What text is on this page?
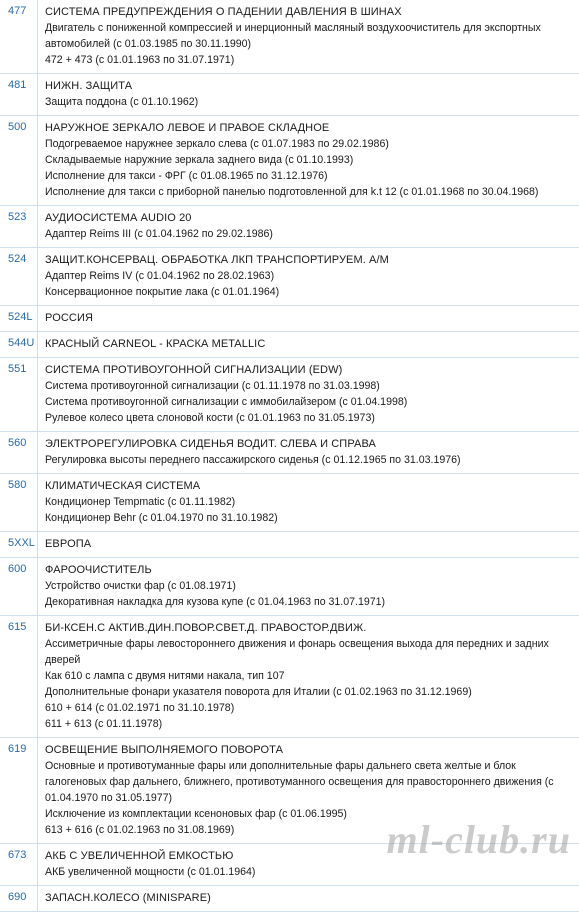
477	СИСТЕМА ПРЕДУПРЕЖДЕНИЯ О ПАДЕНИИ ДАВЛЕНИЯ В ШИНАХ
Двигатель с пониженной компрессией и инерционный масляный воздухоочиститель для экспортных автомобилей (с 01.03.1985 по 30.11.1990)
472 + 473 (с 01.01.1963 по 31.07.1971)
481	НИЖН. ЗАЩИТА
Защита поддона (с 01.10.1962)
500	НАРУЖНОЕ ЗЕРКАЛО ЛЕВОЕ И ПРАВОЕ СКЛАДНОЕ
Подогреваемое наружнее зеркало слева (с 01.07.1983 по 29.02.1986)
Складываемые наружние зеркала заднего вида (с 01.10.1993)
Исполнение для такси - ФРГ (с 01.08.1965 по 31.12.1976)
Исполнение для такси с приборной панелью подготовленной для k.t 12 (с 01.01.1968 по 30.04.1968)
523	АУДИОСИСТЕМА AUDIO 20
Адаптер Reims III (с 01.04.1962 по 29.02.1986)
524	ЗАЩИТ.КОНСЕРВАЦ. ОБРАБОТКА ЛКП ТРАНСПОРТИРУЕМ. А/М
Адаптер Reims IV (с 01.04.1962 по 28.02.1963)
Консервационное покрытие лака (с 01.01.1964)
524L	РОССИЯ
544U КРАСНЫЙ CARNEOL - КРАСКА METALLIC
551	СИСТЕМА ПРОТИВОУГОННОЙ СИГНАЛИЗАЦИИ (EDW)
Система противоугонной сигнализации (с 01.11.1978 по 31.03.1998)
Система противоугонной сигнализации с иммобилайзером (с 01.04.1998)
Рулевое колесо цвета слоновой кости (с 01.01.1963 по 31.05.1973)
560	ЭЛЕКТРОРЕГУЛИРОВКА СИДЕНЬЯ ВОДИТ. СЛЕВА И СПРАВА
Регулировка высоты переднего пассажирского сиденья (с 01.12.1965 по 31.03.1976)
580	КЛИМАТИЧЕСКАЯ СИСТЕМА
Кондиционер Tempmatic (с 01.11.1982)
Кондиционер Behr (с 01.04.1970 по 31.10.1982)
5XXL ЕВРОПА
600	ФАРООЧИСТИТЕЛЬ
Устройство очистки фар (с 01.08.1971)
Декоративная накладка для кузова купе (с 01.04.1963 по 31.07.1971)
615	БИ-КСЕН.С АКТИВ.ДИН.ПОВОР.СВЕТ.Д. ПРАВОСТОР.ДВИЖ.
Ассиметричные фары левостороннего движения и фонарь освещения выхода для передних и задних дверей
Как 610 с лампа с двумя нитями накала, тип 107
Дополнительные фонари указателя поворота для Италии (с 01.02.1963 по 31.12.1969)
610 + 614 (с 01.02.1971 по 31.10.1978)
611 + 613 (с 01.11.1978)
619	ОСВЕЩЕНИЕ ВЫПОЛНЯЕМОГО ПОВОРОТА
Основные и противотуманные фары или дополнительные фары дальнего света желтые и блок галогеновых фар дальнего, ближнего, противотуманного освещения для правостороннего движения (с 01.04.1970 по 31.05.1977)
Исключение из комплектации ксеноновых фар (с 01.06.1995)
613 + 616 (с 01.02.1963 по 31.08.1969)
673	АКБ С УВЕЛИЧЕННОЙ ЕМКОСТЬЮ
АКБ увеличенной мощности (с 01.01.1964)
690	ЗАПАСН.КОЛЕСО (MINISPARE)
ml-club.ru
